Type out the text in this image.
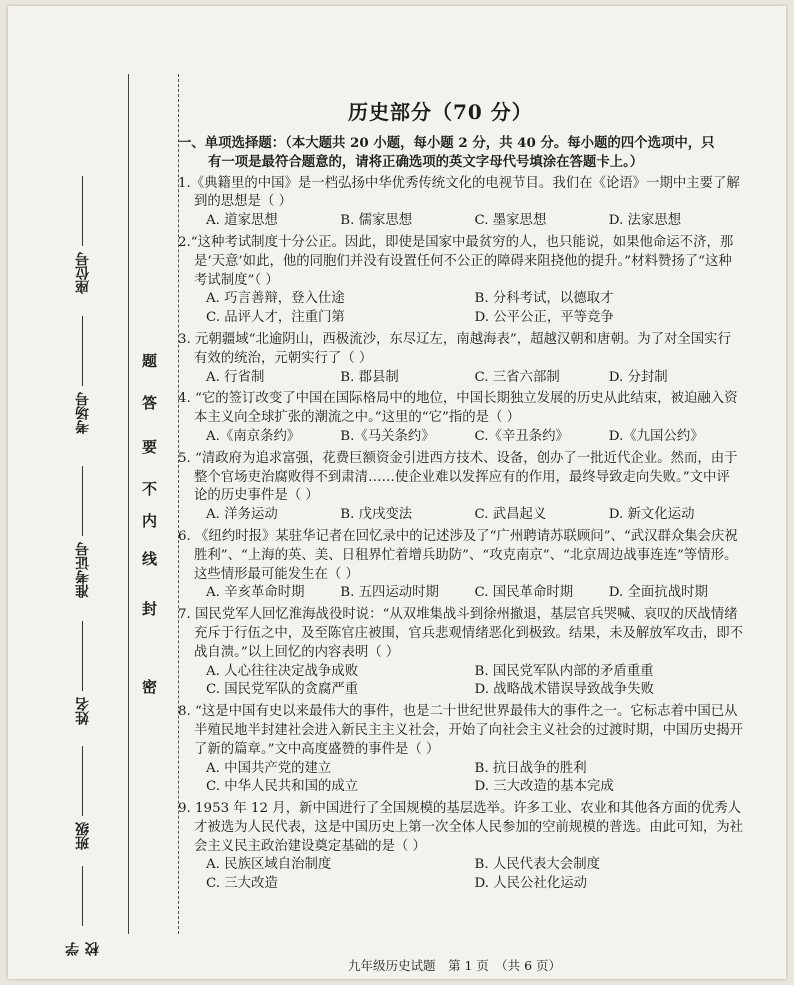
座位号
考场号
准考证号
姓名
班级
学校
密
封
线
内
不
要
答
题
历史部分（70 分）
一、单项选择题：（本大题共 20 小题，每小题 2 分，共 40 分。每小题的四个选项中，只
有一项是最符合题意的，请将正确选项的英文字母代号填涂在答题卡上。）
1.《典籍里的中国》是一档弘扬中华优秀传统文化的电视节目。我们在《论语》一期中主要了解到的思想是（ ）
A. 道家思想	B. 儒家思想	C. 墨家思想	D. 法家思想
2.“这种考试制度十分公正。因此，即使是国家中最贫穷的人，也只能说，如果他命运不济，那是‘天意’如此，他的同胞们并没有设置任何不公正的障碍来阻挠他的提升。”材料赞扬了“这种考试制度”（ ）
A. 巧言善辩，登入仕途	B. 分科考试，以德取才
C. 品评人才，注重门第	D. 公平公正，平等竞争
3. 元朝疆域“北逾阴山，西极流沙，东尽辽左，南越海表”，超越汉朝和唐朝。为了对全国实行有效的统治，元朝实行了（ ）
A. 行省制	B. 郡县制	C. 三省六部制	D. 分封制
4. “它的签订改变了中国在国际格局中的地位，中国长期独立发展的历史从此结束，被迫融入资本主义向全球扩张的潮流之中。”这里的“它”指的是（ ）
A.《南京条约》	B.《马关条约》	C.《辛丑条约》	D.《九国公约》
5. “清政府为追求富强，花费巨额资金引进西方技术、设备，创办了一批近代企业。然而，由于整个官场吏治腐败得不到肃清……使企业难以发挥应有的作用，最终导致走向失败。”文中评论的历史事件是（ ）
A. 洋务运动	B. 戊戌变法	C. 武昌起义	D. 新文化运动
6. 《纽约时报》某驻华记者在回忆录中的记述涉及了“广州聘请苏联顾问”、“武汉群众集会庆祝胜利”、“上海的英、美、日租界忙着增兵助防”、“攻克南京”、“北京周边战事连连”等情形。这些情形最可能发生在（ ）
A. 辛亥革命时期	B. 五四运动时期	C. 国民革命时期	D. 全面抗战时期
7. 国民党军人回忆淮海战役时说：“从双堆集战斗到徐州撤退，基层官兵哭喊、哀叹的厌战情绪充斥于行伍之中，及至陈官庄被围，官兵悲观情绪恶化到极致。结果，未及解放军攻击，即不战自溃。”以上回忆的内容表明（ ）
A. 人心往往决定战争成败	B. 国民党军队内部的矛盾重重
C. 国民党军队的贪腐严重	D. 战略战术错误导致战争失败
8. “这是中国有史以来最伟大的事件，也是二十世纪世界最伟大的事件之一。它标志着中国已从半殖民地半封建社会进入新民主主义社会，开始了向社会主义社会的过渡时期，中国历史揭开了新的篇章。”文中高度盛赞的事件是（ ）
A. 中国共产党的建立	B. 抗日战争的胜利
C. 中华人民共和国的成立	D. 三大改造的基本完成
9. 1953 年 12 月，新中国进行了全国规模的基层选举。许多工业、农业和其他各方面的优秀人才被选为人民代表，这是中国历史上第一次全体人民参加的空前规模的普选。由此可知，为社会主义民主政治建设奠定基础的是（ ）
A. 民族区域自治制度	B. 人民代表大会制度
C. 三大改造	D. 人民公社化运动
九年级历史试题　第 1 页　（共 6 页）
